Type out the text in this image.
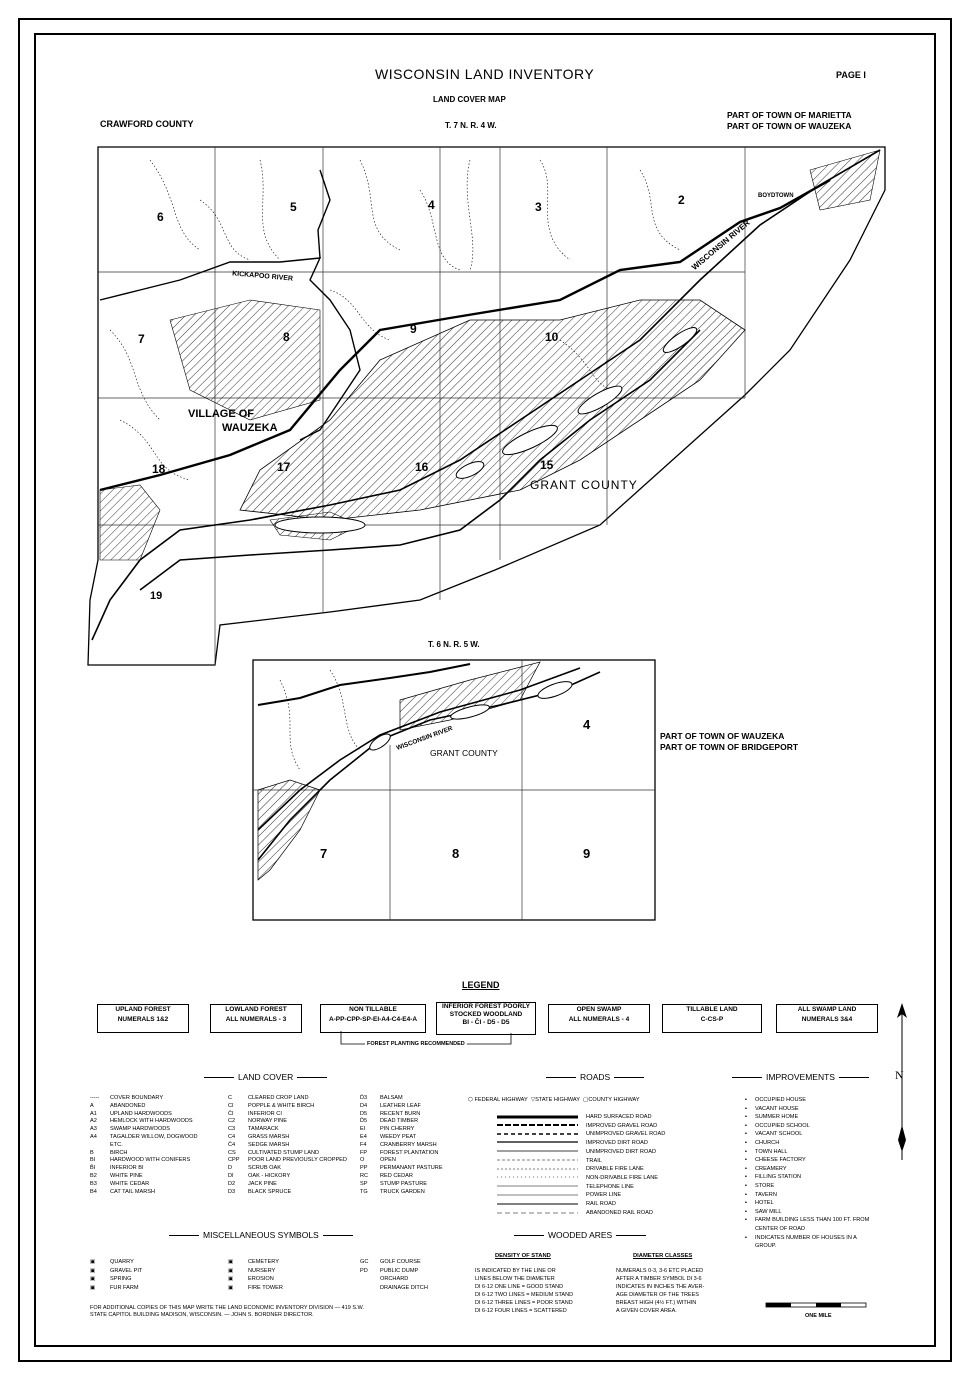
WISCONSIN LAND INVENTORY	PAGE I
LAND COVER MAP
CRAWFORD COUNTY	T. 7 N. R. 4 W.
PART OF TOWN OF MARIETTA
PART OF TOWN OF WAUZEKA
VILLAGE OF
WAUZEKA
KICKAPOO RIVER
WISCONSIN RIVER
GRANT COUNTY
BOYDTOWN
6
5	4	3	2
7	8
9
10
18	17	16	15
19
T. 6 N. R. 5 W.
WISCONSIN RIVER
GRANT COUNTY
4
7	8	9
PART OF TOWN OF WAUZEKA
PART OF TOWN OF BRIDGEPORT
LEGEND
UPLAND FOREST
NUMERALS 1&2
LOWLAND FOREST
ALL NUMERALS - 3
NON TILLABLE
A-PP-CPP-SP-EI-A4-C4-E4-A
INFERIOR FOREST POORLY STOCKED WOODLAND
BI - ĈI - D5 - D5
OPEN SWAMP
ALL NUMERALS - 4
TILLABLE LAND
C-CS-P
ALL SWAMP LAND
NUMERALS 3&4
FOREST PLANTING RECOMMENDED
N
LAND COVER	ROADS	IMPROVEMENTS
-----	COVER BOUNDARY
A	ABANDONED
A1	UPLAND HARDWOODS
A2	HEMLOCK WITH HARDWOODS
A3	SWAMP HARDWOODS
A4	TAGALDER WILLOW, DOGWOOD
ETC.
B	BIRCH
BI	HARDWOOD WITH CONIFERS
B̄I	INFERIOR BI
B2	WHITE PINE
B3	WHITE CEDAR
B4	CAT TAIL MARSH
C	CLEARED CROP LAND
CI	POPPLE & WHITE BIRCH
C̄I	INFERIOR CI
C2	NORWAY PINE
C3	TAMARACK
C4	GRASS MARSH
C̄4	SEDGE MARSH
CS	CULTIVATED STUMP LAND
CPP	POOR LAND PREVIOUSLY CROPPED
D	SCRUB OAK
DI	OAK - HICKORY
D2	JACK PINE
D3	BLACK SPRUCE
D̄3	BALSAM
D4	LEATHER LEAF
D5	RECENT BURN
D̄5	DEAD TIMBER
EI	PIN CHERRY
E4	WEEDY PEAT
F4	CRANBERRY MARSH
FP	FOREST PLANTATION
O	OPEN
PP	PERMANANT PASTURE
RC	RED CEDAR
SP	STUMP PASTURE
TG	TRUCK GARDEN
⬡
FEDERAL HIGHWAY
▽ STATE HIGHWAY
▢ COUNTY HIGHWAY
HARD SURFACED ROAD
IMPROVED GRAVEL ROAD
UNIMPROVED GRAVEL ROAD
IMPROVED DIRT ROAD
UNIMPROVED DIRT ROAD
TRAIL
DRIVABLE FIRE LANE
NON-DRIVABLE FIRE LANE
TELEPHONE LINE
POWER LINE
RAIL ROAD
ABANDONED RAIL ROAD
▪	OCCUPIED HOUSE
▪	VACANT HOUSE
▪	SUMMER HOME
▪	OCCUPIED SCHOOL
▪	VACANT SCHOOL
▪	CHURCH
▪	TOWN HALL
▪	CHEESE FACTORY
▪	CREAMERY
▪	FILLING STATION
▪	STORE
▪	TAVERN
▪	HOTEL
▪	SAW MILL
▪	FARM BUILDING LESS THAN 100 FT. FROM CENTER OF ROAD
▪	INDICATES NUMBER OF HOUSES IN A GROUP.
MISCELLANEOUS SYMBOLS
▣	QUARRY
▣	GRAVEL PIT
▣	SPRING
▣	FUR FARM
▣	CEMETERY
▣	NURSERY
▣	EROSION
▣	FIRE TOWER
GC	GOLF COURSE
PD	PUBLIC DUMP
ORCHARD
DRAINAGE DITCH
WOODED ARES
DENSITY OF STAND	DIAMETER CLASSES
IS INDICATED BY THE LINE OR
LINES BELOW THE DIAMETER
DI 6-12 ONE LINE = GOOD STAND
DI 6-12 TWO LINES = MEDIUM STAND
DI 6-12 THREE LINES = POOR STAND
DI 6-12 FOUR LINES = SCATTERED
NUMERALS 0-3, 3-6 ETC PLACED
AFTER A TIMBER SYMBOL DI 3-6
INDICATES IN INCHES THE AVER-
AGE DIAMETER OF THE TREES
BREAST HIGH (4½ FT.) WITHIN
A GIVEN COVER AREA.
FOR ADDITIONAL COPIES OF THIS MAP WRITE THE LAND ECONOMIC INVENTORY DIVISION — 419 S.W.
STATE CAPITOL BUILDING MADISON, WISCONSIN. — JOHN S. BORDNER DIRECTOR.	ONE MILE
